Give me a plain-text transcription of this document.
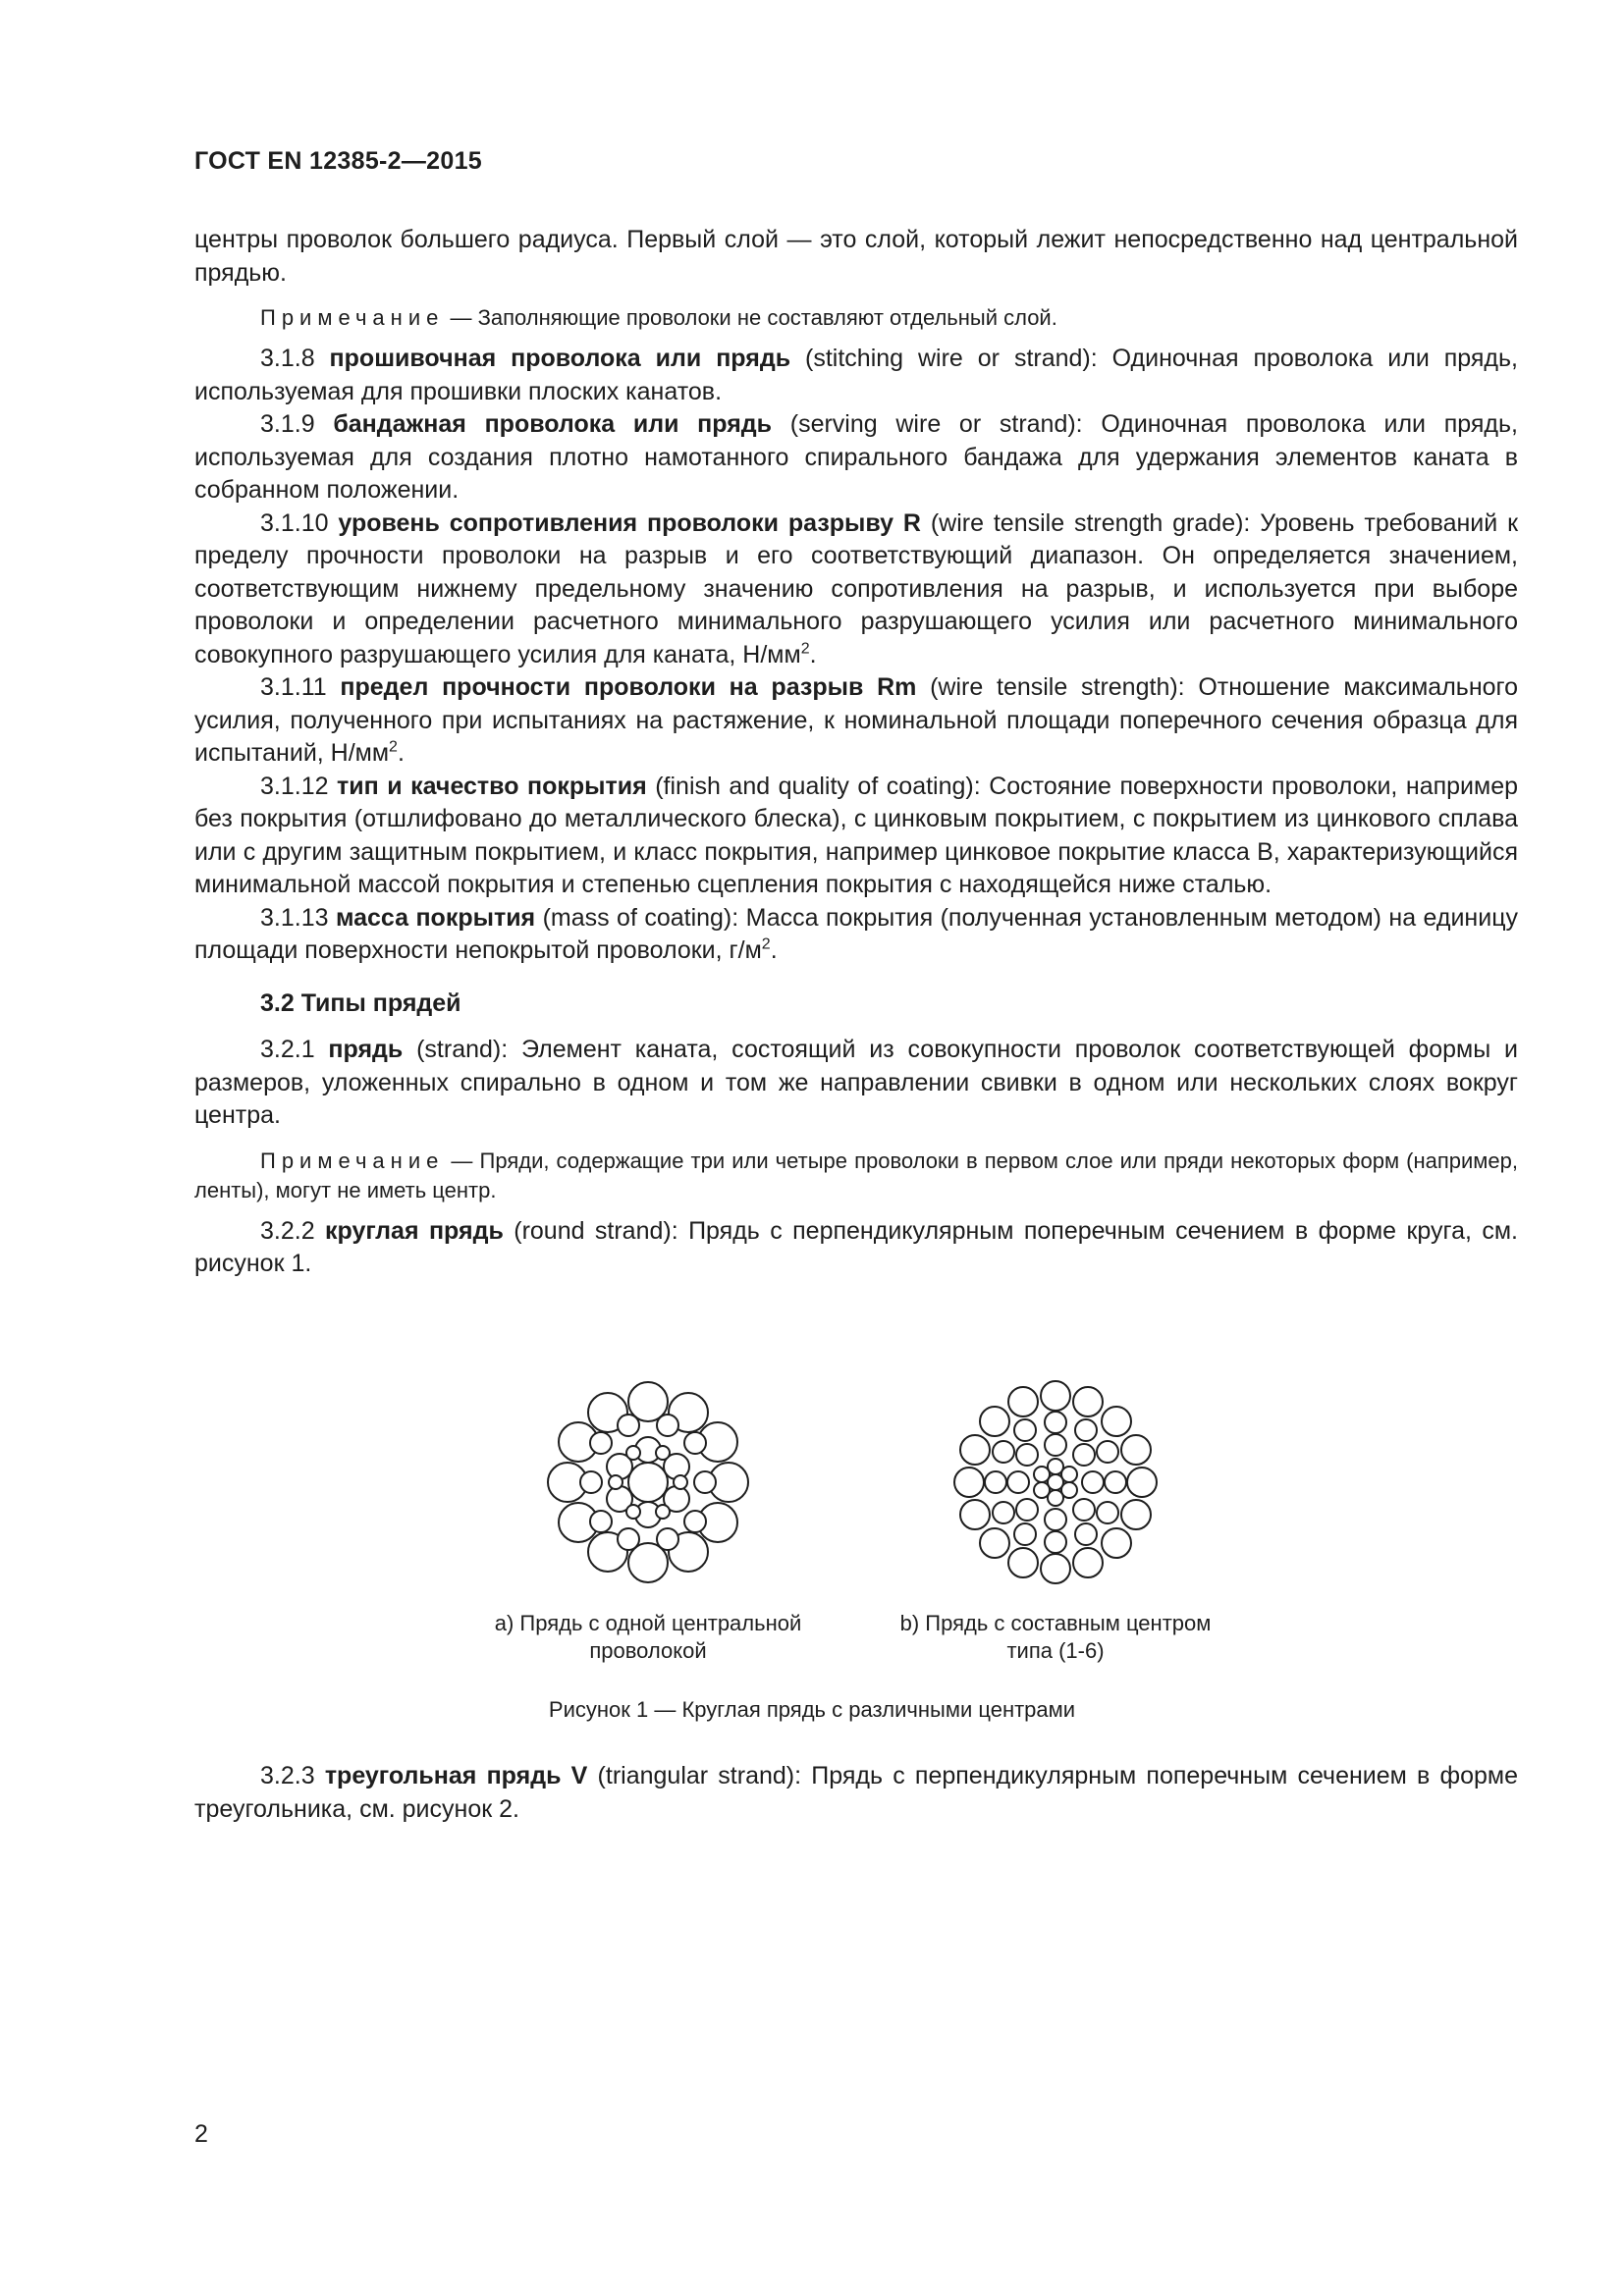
ГОСТ EN 12385-2—2015

центры проволок большего радиуса. Первый слой — это слой, который лежит непосредственно над центральной прядью.

Примечание — Заполняющие проволоки не составляют отдельный слой.

3.1.8 прошивочная проволока или прядь (stitching wire or strand): Одиночная проволока или прядь, используемая для прошивки плоских канатов.

3.1.9 бандажная проволока или прядь (serving wire or strand): Одиночная проволока или прядь, используемая для создания плотно намотанного спирального бандажа для удержания элементов каната в собранном положении.

3.1.10 уровень сопротивления проволоки разрыву R (wire tensile strength grade): Уровень требований к пределу прочности проволоки на разрыв и его соответствующий диапазон. Он определяется значением, соответствующим нижнему предельному значению сопротивления на разрыв, и используется при выборе проволоки и определении расчетного минимального разрушающего усилия или расчетного минимального совокупного разрушающего усилия для каната, $Н/мм^2$.

3.1.11 предел прочности проволоки на разрыв Rm (wire tensile strength): Отношение максимального усилия, полученного при испытаниях на растяжение, к номинальной площади поперечного сечения образца для испытаний, $Н/мм^2$.

3.1.12 тип и качество покрытия (finish and quality of coating): Состояние поверхности проволоки, например без покрытия (отшлифовано до металлического блеска), с цинковым покрытием, с покрытием из цинкового сплава или с другим защитным покрытием, и класс покрытия, например цинковое покрытие класса В, характеризующийся минимальной массой покрытия и степенью сцепления покрытия с находящейся ниже сталью.

3.1.13 масса покрытия (mass of coating): Масса покрытия (полученная установленным методом) на единицу площади поверхности непокрытой проволоки, $г/м^2$.

3.2 Типы прядей

3.2.1 прядь (strand): Элемент каната, состоящий из совокупности проволок соответствующей формы и размеров, уложенных спирально в одном и том же направлении свивки в одном или нескольких слоях вокруг центра.

Примечание — Пряди, содержащие три или четыре проволоки в первом слое или пряди некоторых форм (например, ленты), могут не иметь центр.

3.2.2 круглая прядь (round strand): Прядь с перпендикулярным поперечным сечением в форме круга, см. рисунок 1.

а) Прядь с одной центральной
проволокой
b) Прядь с составным центром
типа (1-6)
Рисунок 1 — Круглая прядь с различными центрами

3.2.3 треугольная прядь V (triangular strand): Прядь с перпендикулярным поперечным сечением в форме треугольника, см. рисунок 2.

2
